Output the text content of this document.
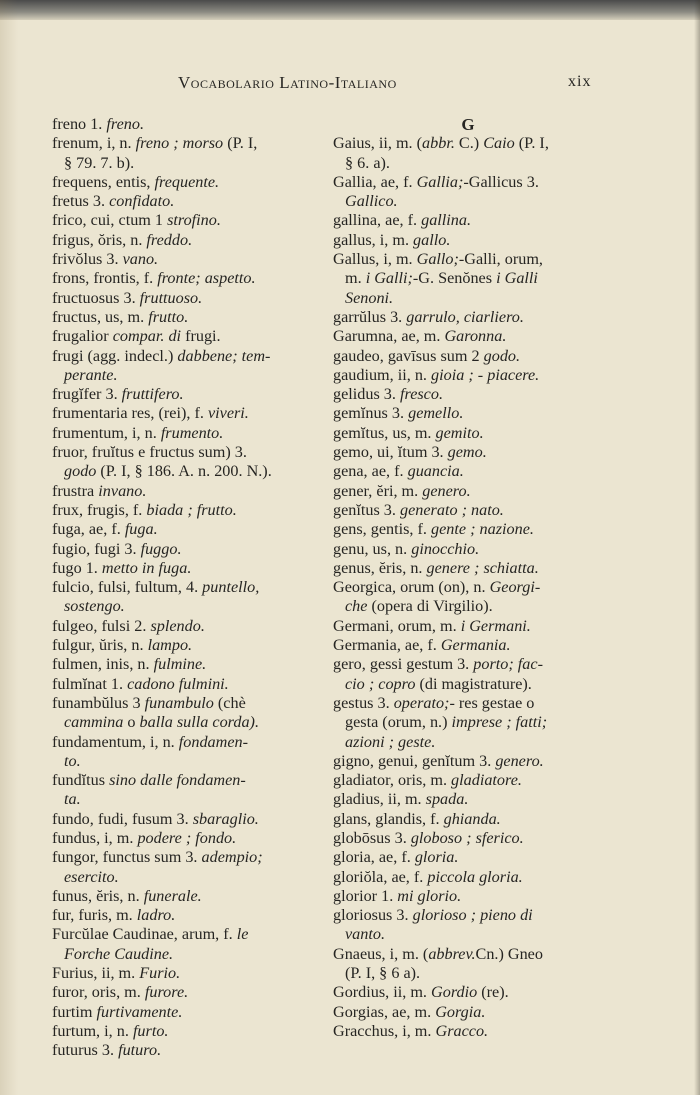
Vocabolario Latino-Italiano	xix
freno 1. freno.
frenum, i, n. freno ; morso (P. I,
§ 79. 7. b).
frequens, entis, frequente.
fretus 3. confidato.
frico, cui, ctum 1 strofino.
frigus, ŏris, n. freddo.
frivŏlus 3. vano.
frons, frontis, f. fronte; aspetto.
fructuosus 3. fruttuoso.
fructus, us, m. frutto.
frugalior compar. di frugi.
frugi (agg. indecl.) dabbene; tem-
perante.
frugĭfer 3. fruttifero.
frumentaria res, (rei), f. viveri.
frumentum, i, n. frumento.
fruor, fruĭtus e fructus sum) 3.
godo (P. I, § 186. A. n. 200. N.).
frustra invano.
frux, frugis, f. biada ; frutto.
fuga, ae, f. fuga.
fugio, fugi 3. fuggo.
fugo 1. metto in fuga.
fulcio, fulsi, fultum, 4. puntello,
sostengo.
fulgeo, fulsi 2. splendo.
fulgur, ŭris, n. lampo.
fulmen, inis, n. fulmine.
fulmĭnat 1. cadono fulmini.
funambŭlus 3 funambulo (chè
cammina o balla sulla corda).
fundamentum, i, n. fondamen-
to.
fundĭtus sino dalle fondamen-
ta.
fundo, fudi, fusum 3. sbaraglio.
fundus, i, m. podere ; fondo.
fungor, functus sum 3. adempio;
esercito.
funus, ĕris, n. funerale.
fur, furis, m. ladro.
Furcŭlae Caudinae, arum, f. le
Forche Caudine.
Furius, ii, m. Furio.
furor, oris, m. furore.
furtim furtivamente.
furtum, i, n. furto.
futurus 3. futuro.
G
Gaius, ii, m. (abbr. C.) Caio (P. I,
§ 6. a).
Gallia, ae, f. Gallia;-Gallicus 3.
Gallico.
gallina, ae, f. gallina.
gallus, i, m. gallo.
Gallus, i, m. Gallo;-Galli, orum,
m. i Galli;-G. Senŏnes i Galli
Senoni.
garrŭlus 3. garrulo, ciarliero.
Garumna, ae, m. Garonna.
gaudeo, gavīsus sum 2 godo.
gaudium, ii, n. gioia ; - piacere.
gelidus 3. fresco.
gemĭnus 3. gemello.
gemĭtus, us, m. gemito.
gemo, ui, ĭtum 3. gemo.
gena, ae, f. guancia.
gener, ĕri, m. genero.
genĭtus 3. generato ; nato.
gens, gentis, f. gente ; nazione.
genu, us, n. ginocchio.
genus, ĕris, n. genere ; schiatta.
Georgica, orum (on), n. Georgi-
che (opera di Virgilio).
Germani, orum, m. i Germani.
Germania, ae, f. Germania.
gero, gessi gestum 3. porto; fac-
cio ; copro (di magistrature).
gestus 3. operato;- res gestae o
gesta (orum, n.) imprese ; fatti;
azioni ; geste.
gigno, genui, genĭtum 3. genero.
gladiator, oris, m. gladiatore.
gladius, ii, m. spada.
glans, glandis, f. ghianda.
globōsus 3. globoso ; sferico.
gloria, ae, f. gloria.
gloriŏla, ae, f. piccola gloria.
glorior 1. mi glorio.
gloriosus 3. glorioso ; pieno di
vanto.
Gnaeus, i, m. (abbrev.Cn.) Gneo
(P. I, § 6 a).
Gordius, ii, m. Gordio (re).
Gorgias, ae, m. Gorgia.
Gracchus, i, m. Gracco.
